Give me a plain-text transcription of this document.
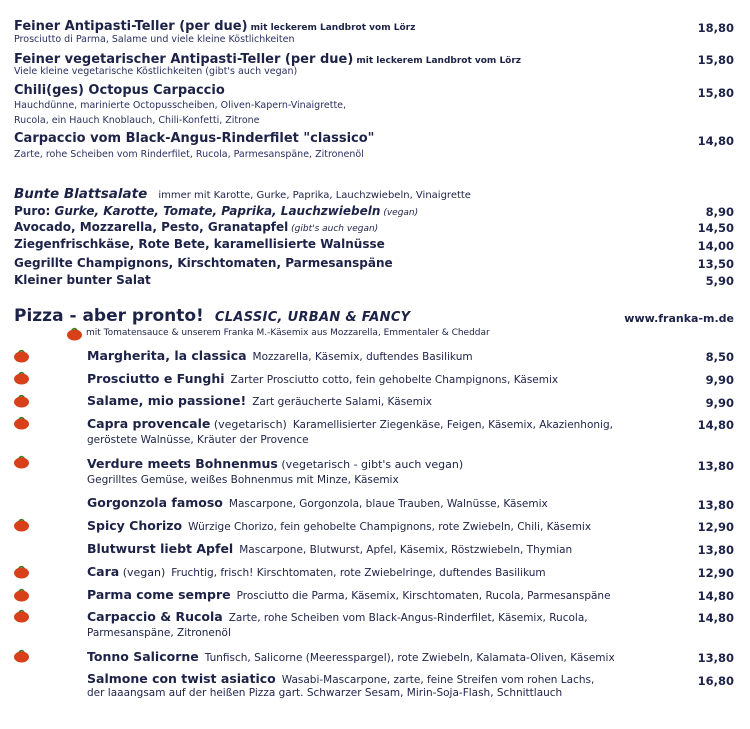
Feiner Antipasti-Teller (per due) mit leckerem Landbrot vom Lörz
Prosciutto di Parma, Salame und viele kleine Köstlichkeiten
18,80
Feiner vegetarischer Antipasti-Teller (per due) mit leckerem Landbrot vom Lörz
Viele kleine vegetarische Köstlichkeiten (gibt's auch vegan)
15,80
Chili(ges) Octopus Carpaccio
Hauchdünne, marinierte Octopusscheiben, Oliven-Kapern-Vinaigrette,
Rucola, ein Hauch Knoblauch, Chili-Konfetti, Zitrone
15,80
Carpaccio vom Black-Angus-Rinderfilet "classico"
Zarte, rohe Scheiben vom Rinderfilet, Rucola, Parmesanspäne, Zitronenöl
14,80
Bunte Blattsalate immer mit Karotte, Gurke, Paprika, Lauchzwiebeln, Vinaigrette
Puro: Gurke, Karotte, Tomate, Paprika, Lauchzwiebeln (vegan)	8,90
Avocado, Mozzarella, Pesto, Granatapfel (gibt's auch vegan)	14,50
Ziegenfrischkäse, Rote Bete, karamellisierte Walnüsse	14,00
Gegrillte Champignons, Kirschtomaten, Parmesanspäne	13,50
Kleiner bunter Salat	5,90
Pizza - aber pronto! CLASSIC, URBAN & FANCY	www.franka-m.de
mit Tomatensauce & unserem Franka M.-Käsemix aus Mozzarella, Emmentaler & Cheddar
Margherita, la classica Mozzarella, Käsemix, duftendes Basilikum	8,50
Prosciutto e Funghi Zarter Prosciutto cotto, fein gehobelte Champignons, Käsemix	9,90
Salame, mio passione! Zart geräucherte Salami, Käsemix	9,90
Capra provencale (vegetarisch) Karamellisierter Ziegenkäse, Feigen, Käsemix, Akazienhonig,
geröstete Walnüsse, Kräuter der Provence
14,80
Verdure meets Bohnenmus (vegetarisch - gibt's auch vegan)
Gegrilltes Gemüse, weißes Bohnenmus mit Minze, Käsemix
13,80
Gorgonzola famoso Mascarpone, Gorgonzola, blaue Trauben, Walnüsse, Käsemix	13,80
Spicy Chorizo Würzige Chorizo, fein gehobelte Champignons, rote Zwiebeln, Chili, Käsemix	12,90
Blutwurst liebt Apfel Mascarpone, Blutwurst, Apfel, Käsemix, Röstzwiebeln, Thymian	13,80
Cara (vegan) Fruchtig, frisch! Kirschtomaten, rote Zwiebelringe, duftendes Basilikum	12,90
Parma come sempre Prosciutto die Parma, Käsemix, Kirschtomaten, Rucola, Parmesanspäne	14,80
Carpaccio & Rucola Zarte, rohe Scheiben vom Black-Angus-Rinderfilet, Käsemix, Rucola,
Parmesanspäne, Zitronenöl
14,80
Tonno Salicorne Tunfisch, Salicorne (Meeresspargel), rote Zwiebeln, Kalamata-Oliven, Käsemix	13,80
Salmone con twist asiatico Wasabi-Mascarpone, zarte, feine Streifen vom rohen Lachs,
der laaangsam auf der heißen Pizza gart. Schwarzer Sesam, Mirin-Soja-Flash, Schnittlauch
16,80
